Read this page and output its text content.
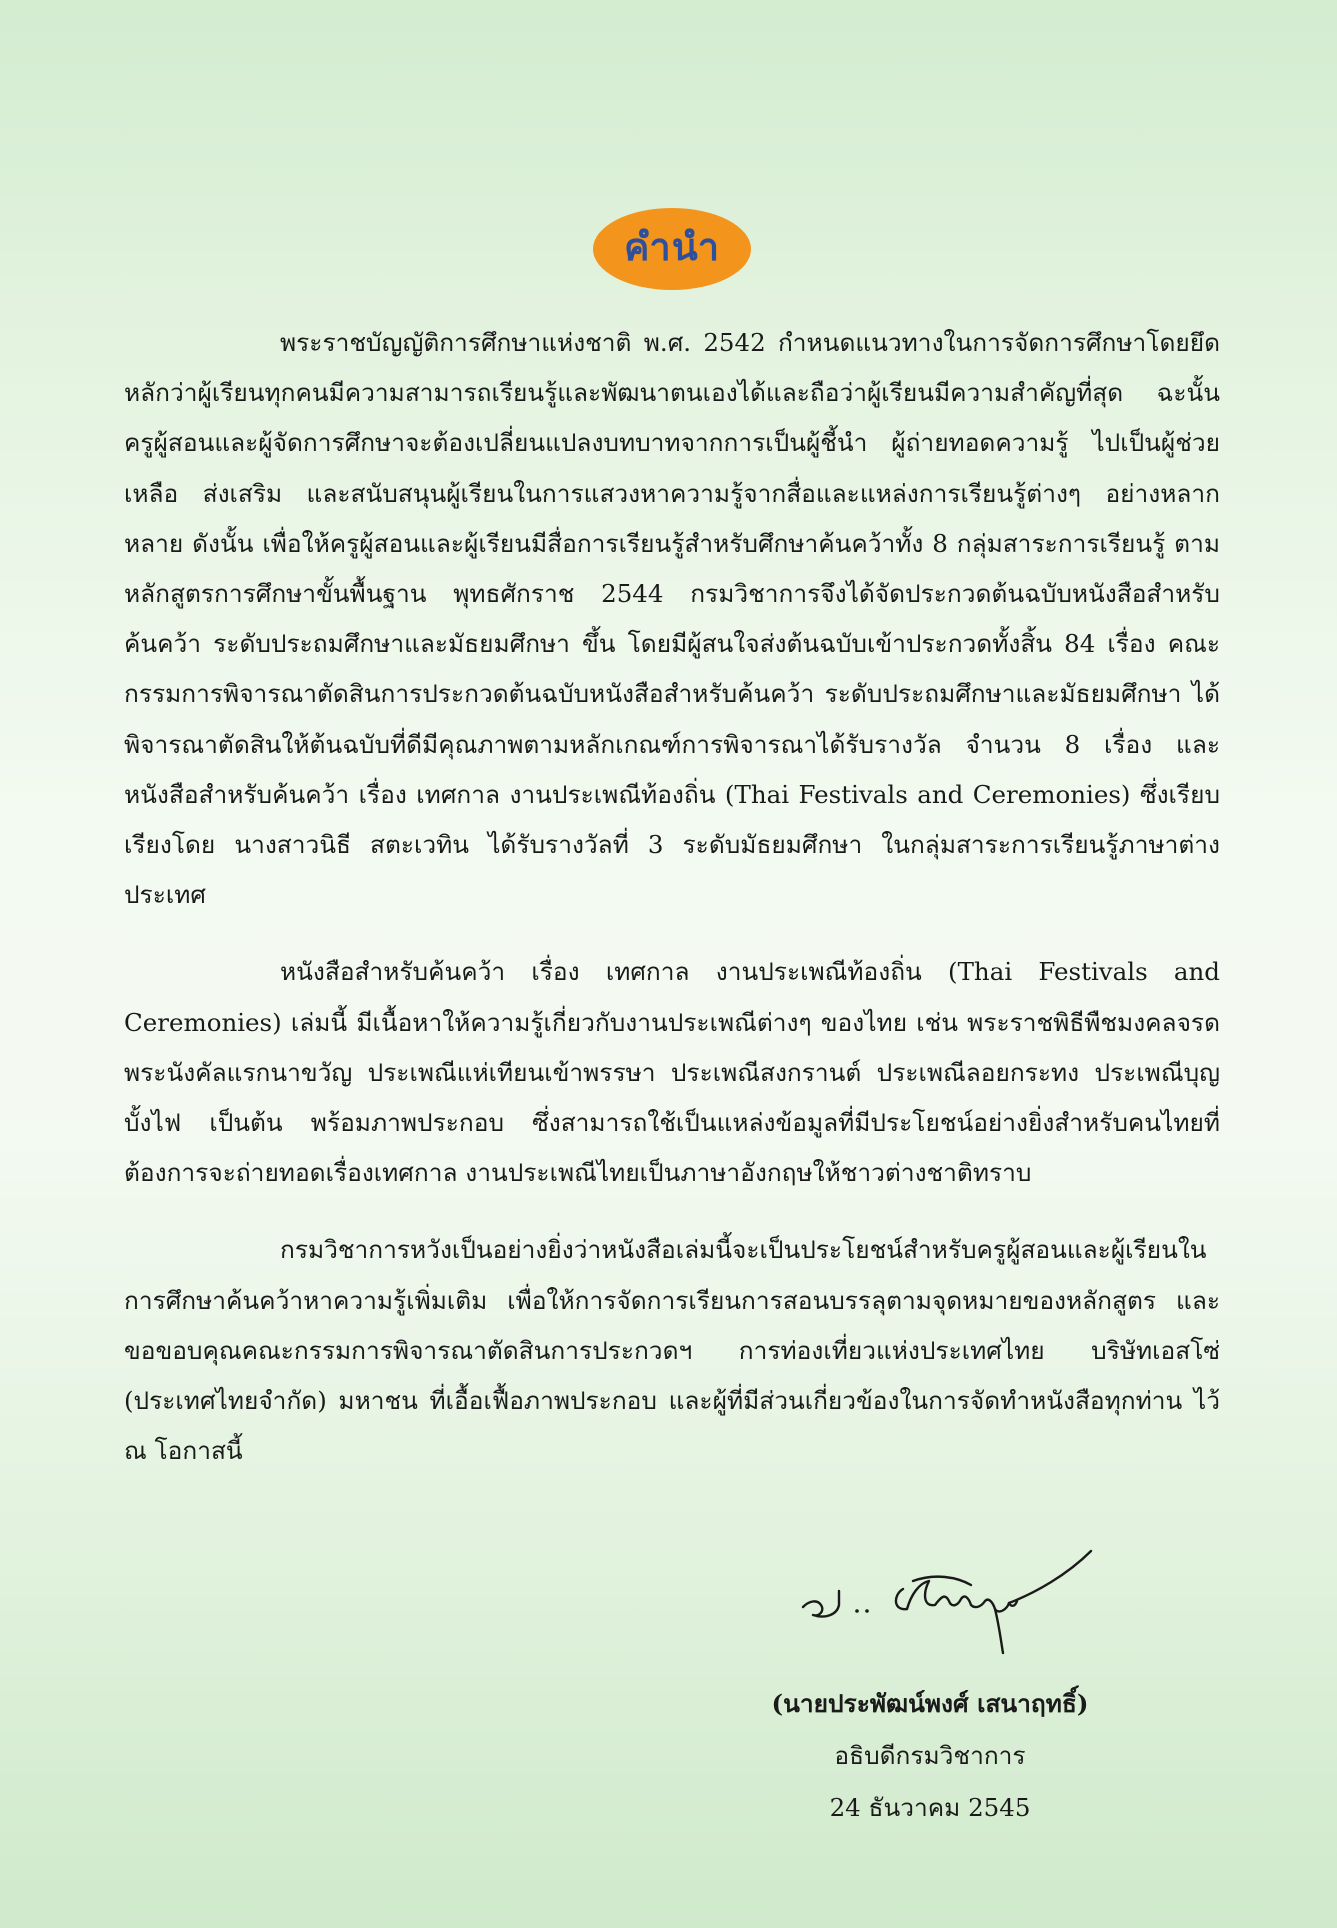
คำนำ

พระราชบัญญัติการศึกษาแห่งชาติ พ.ศ. 2542 กำหนดแนวทางในการจัดการศึกษาโดยยึดหลักว่าผู้เรียนทุกคนมีความสามารถเรียนรู้และพัฒนาตนเองได้และถือว่าผู้เรียนมีความสำคัญที่สุด ฉะนั้น ครูผู้สอนและผู้จัดการศึกษาจะต้องเปลี่ยนแปลงบทบาทจากการเป็นผู้ชี้นำ ผู้ถ่ายทอดความรู้ ไปเป็นผู้ช่วยเหลือ ส่งเสริม และสนับสนุนผู้เรียนในการแสวงหาความรู้จากสื่อและแหล่งการเรียนรู้ต่างๆ อย่างหลากหลาย ดังนั้น เพื่อให้ครูผู้สอนและผู้เรียนมีสื่อการเรียนรู้สำหรับศึกษาค้นคว้าทั้ง 8 กลุ่มสาระการเรียนรู้ ตามหลักสูตรการศึกษาขั้นพื้นฐาน พุทธศักราช 2544 กรมวิชาการจึงได้จัดประกวดต้นฉบับหนังสือสำหรับค้นคว้า ระดับประถมศึกษาและมัธยมศึกษา ขึ้น โดยมีผู้สนใจส่งต้นฉบับเข้าประกวดทั้งสิ้น 84 เรื่อง คณะกรรมการพิจารณาตัดสินการประกวดต้นฉบับหนังสือสำหรับค้นคว้า ระดับประถมศึกษาและมัธยมศึกษา ได้พิจารณาตัดสินให้ต้นฉบับที่ดีมีคุณภาพตามหลักเกณฑ์การพิจารณาได้รับรางวัล จำนวน 8 เรื่อง และหนังสือสำหรับค้นคว้า เรื่อง เทศกาล งานประเพณีท้องถิ่น (Thai Festivals and Ceremonies) ซึ่งเรียบเรียงโดย นางสาวนิธี สตะเวทิน ได้รับรางวัลที่ 3 ระดับมัธยมศึกษา ในกลุ่มสาระการเรียนรู้ภาษาต่างประเทศ

หนังสือสำหรับค้นคว้า เรื่อง เทศกาล งานประเพณีท้องถิ่น (Thai Festivals and Ceremonies) เล่มนี้ มีเนื้อหาให้ความรู้เกี่ยวกับงานประเพณีต่างๆ ของไทย เช่น พระราชพิธีพืชมงคลจรดพระนังคัลแรกนาขวัญ ประเพณีแห่เทียนเข้าพรรษา ประเพณีสงกรานต์ ประเพณีลอยกระทง ประเพณีบุญบั้งไฟ เป็นต้น พร้อมภาพประกอบ ซึ่งสามารถใช้เป็นแหล่งข้อมูลที่มีประโยชน์อย่างยิ่งสำหรับคนไทยที่ต้องการจะถ่ายทอดเรื่องเทศกาล งานประเพณีไทยเป็นภาษาอังกฤษให้ชาวต่างชาติทราบ

กรมวิชาการหวังเป็นอย่างยิ่งว่าหนังสือเล่มนี้จะเป็นประโยชน์สำหรับครูผู้สอนและผู้เรียนในการศึกษาค้นคว้าหาความรู้เพิ่มเติม เพื่อให้การจัดการเรียนการสอนบรรลุตามจุดหมายของหลักสูตร และขอขอบคุณคณะกรรมการพิจารณาตัดสินการประกวดฯ การท่องเที่ยวแห่งประเทศไทย บริษัทเอสโซ่ (ประเทศไทยจำกัด) มหาชน ที่เอื้อเฟื้อภาพประกอบ และผู้ที่มีส่วนเกี่ยวข้องในการจัดทำหนังสือทุกท่าน ไว้ ณ โอกาสนี้

(นายประพัฒน์พงศ์ เสนาฤทธิ์)
อธิบดีกรมวิชาการ
24 ธันวาคม 2545
